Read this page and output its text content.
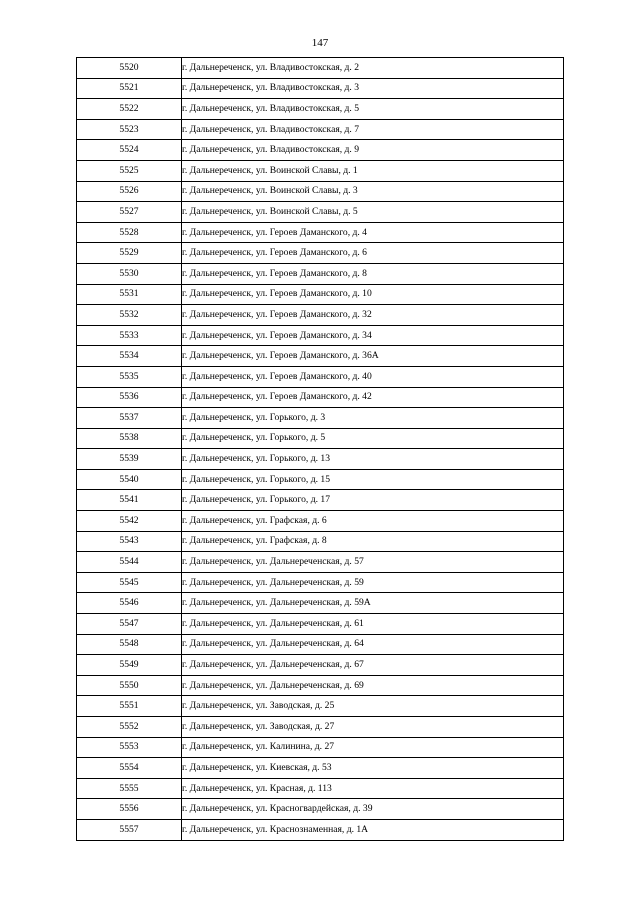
147
5520	г. Дальнереченск, ул. Владивостокская, д. 2
5521	г. Дальнереченск, ул. Владивостокская, д. 3
5522	г. Дальнереченск, ул. Владивостокская, д. 5
5523	г. Дальнереченск, ул. Владивостокская, д. 7
5524	г. Дальнереченск, ул. Владивостокская, д. 9
5525	г. Дальнереченск, ул. Воинской Славы, д. 1
5526	г. Дальнереченск, ул. Воинской Славы, д. 3
5527	г. Дальнереченск, ул. Воинской Славы, д. 5
5528	г. Дальнереченск, ул. Героев Даманского, д. 4
5529	г. Дальнереченск, ул. Героев Даманского, д. 6
5530	г. Дальнереченск, ул. Героев Даманского, д. 8
5531	г. Дальнереченск, ул. Героев Даманского, д. 10
5532	г. Дальнереченск, ул. Героев Даманского, д. 32
5533	г. Дальнереченск, ул. Героев Даманского, д. 34
5534	г. Дальнереченск, ул. Героев Даманского, д. 36А
5535	г. Дальнереченск, ул. Героев Даманского, д. 40
5536	г. Дальнереченск, ул. Героев Даманского, д. 42
5537	г. Дальнереченск, ул. Горького, д. 3
5538	г. Дальнереченск, ул. Горького, д. 5
5539	г. Дальнереченск, ул. Горького, д. 13
5540	г. Дальнереченск, ул. Горького, д. 15
5541	г. Дальнереченск, ул. Горького, д. 17
5542	г. Дальнереченск, ул. Графская, д. 6
5543	г. Дальнереченск, ул. Графская, д. 8
5544	г. Дальнереченск, ул. Дальнереченская, д. 57
5545	г. Дальнереченск, ул. Дальнереченская, д. 59
5546	г. Дальнереченск, ул. Дальнереченская, д. 59А
5547	г. Дальнереченск, ул. Дальнереченская, д. 61
5548	г. Дальнереченск, ул. Дальнереченская, д. 64
5549	г. Дальнереченск, ул. Дальнереченская, д. 67
5550	г. Дальнереченск, ул. Дальнереченская, д. 69
5551	г. Дальнереченск, ул. Заводская, д. 25
5552	г. Дальнереченск, ул. Заводская, д. 27
5553	г. Дальнереченск, ул. Калинина, д. 27
5554	г. Дальнереченск, ул. Киевская, д. 53
5555	г. Дальнереченск, ул. Красная, д. 113
5556	г. Дальнереченск, ул. Красногвардейская, д. 39
5557	г. Дальнереченск, ул. Краснознаменная, д. 1А
